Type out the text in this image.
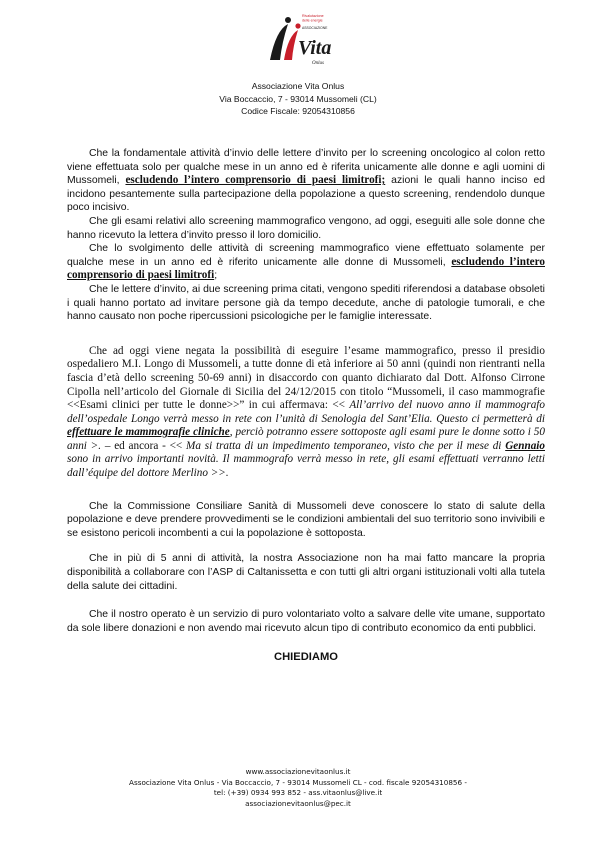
Rivalutazione
delle energie
ASSOCIAZIONE
Vita
Onlus
Associazione Vita Onlus
Via Boccaccio, 7 - 93014 Mussomeli (CL)
Codice Fiscale: 92054310856

Che la fondamentale attività d’invio delle lettere d’invito per lo screening oncologico al colon retto viene effettuata solo per qualche mese in un anno ed è riferita unicamente alle donne e agli uomini di Mussomeli, escludendo l’intero comprensorio di paesi limitrofi; azioni le quali hanno inciso ed incidono pesantemente sulla partecipazione della popolazione a questo screening, rendendolo dunque poco incisivo.

Che gli esami relativi allo screening mammografico vengono, ad oggi, eseguiti alle sole donne che hanno ricevuto la lettera d’invito presso il loro domicilio.

Che lo svolgimento delle attività di screening mammografico viene effettuato solamente per qualche mese in un anno ed è riferito unicamente alle donne di Mussomeli, escludendo l’intero comprensorio di paesi limitrofi;

Che le lettere d’invito, ai due screening prima citati, vengono spediti riferendosi a database obsoleti i quali hanno portato ad invitare persone già da tempo decedute, anche di patologie tumorali, e che hanno causato non poche ripercussioni psicologiche per le famiglie interessate.

Che ad oggi viene negata la possibilità di eseguire l’esame mammografico, presso il presidio ospedaliero M.I. Longo di Mussomeli, a tutte donne di età inferiore ai 50 anni (quindi non rientranti nella fascia d’età dello screening 50-69 anni) in disaccordo con quanto dichiarato dal Dott. Alfonso Cirrone Cipolla nell’articolo del Giornale di Sicilia del 24/12/2015 con titolo “Mussomeli, il caso mammografie <<Esami clinici per tutte le donne>>” in cui affermava: << All’arrivo del nuovo anno il mammografo dell’ospedale Longo verrà messo in rete con l’unità di Senologia del Sant’Elia. Questo ci permetterà di effettuare le mammografie cliniche, perciò potranno essere sottoposte agli esami pure le donne sotto i 50 anni >. – ed ancora - << Ma si tratta di un impedimento temporaneo, visto che per il mese di Gennaio sono in arrivo importanti novità. Il mammografo verrà messo in rete, gli esami effettuati verranno letti dall’équipe del dottore Merlino >>.

Che la Commissione Consiliare Sanità di Mussomeli deve conoscere lo stato di salute della popolazione e deve prendere provvedimenti se le condizioni ambientali del suo territorio sono invivibili e se esistono pericoli incombenti a cui la popolazione è sottoposta.

Che in più di 5 anni di attività, la nostra Associazione non ha mai fatto mancare la propria disponibilità a collaborare con l’ASP di Caltanissetta e con tutti gli altri organi istituzionali volti alla tutela della salute dei cittadini.

Che il nostro operato è un servizio di puro volontariato volto a salvare delle vite umane, supportato da sole libere donazioni e non avendo mai ricevuto alcun tipo di contributo economico da enti pubblici.

CHIEDIAMO

www.associazionevitaonlus.it
Associazione Vita Onlus - Via Boccaccio, 7 - 93014 Mussomeli CL - cod. fiscale 92054310856 -
tel: (+39) 0934 993 852 - ass.vitaonlus@live.it
associazionevitaonlus@pec.it
